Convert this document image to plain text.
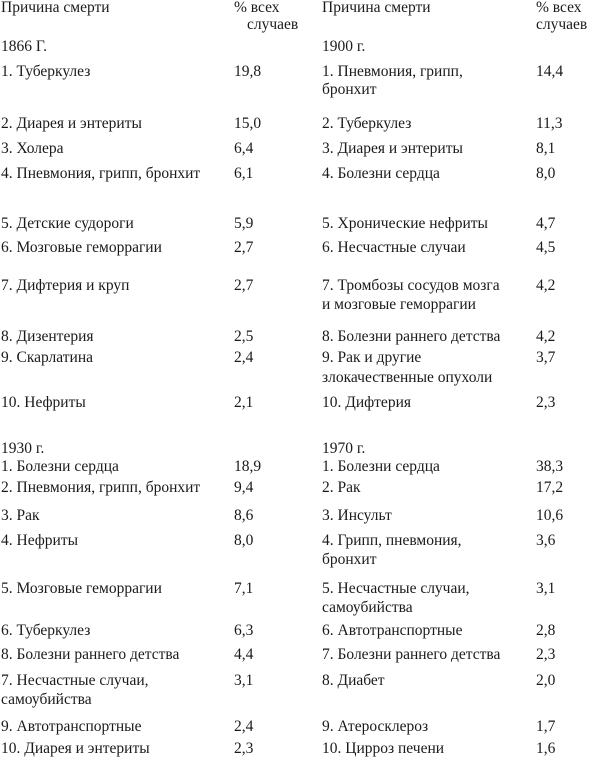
Причина смерти	% всех
случаев
Причина смерти	% всех
случаев
1866 Г.	1900 г.
1. Туберкулез	19,8
2. Диарея и энтериты	15,0
3. Холера	6,4
4. Пневмония, грипп, бронхит 6,1
5. Детские судороги	5,9
6. Мозговые геморрагии	2,7
7. Дифтерия и круп	2,7
8. Дизентерия	2,5
9. Скарлатина	2,4
10. Нефриты	2,1
1. Пневмония, грипп,
бронхит
14,4
2. Туберкулез	11,3
3. Диарея и энтериты	8,1
4. Болезни сердца	8,0
5. Хронические нефриты	4,7
6. Несчастные случаи	4,5
7. Тромбозы сосудов мозга
и мозговые геморрагии
4,2
8. Болезни раннего детства 4,2
9. Рак и другие
злокачественные опухоли
3,7
10. Дифтерия	2,3
1930 г.	1970 г.
1. Болезни сердца	18,9
2. Пневмония, грипп, бронхит 9,4
3. Рак	8,6
4. Нефриты	8,0
5. Мозговые геморрагии	7,1
6. Туберкулез	6,3
8. Болезни раннего детства	4,4
7. Несчастные случаи,
самоубийства
3,1
9. Автотранспортные	2,4
10. Диарея и энтериты	2,3
1. Болезни сердца	38,3
2. Рак	17,2
3. Инсульт	10,6
4. Грипп, пневмония,
бронхит
3,6
5. Несчастные случаи,
самоубийства
3,1
6. Автотранспортные	2,8
7. Болезни раннего детства 2,3
8. Диабет	2,0
9. Атеросклероз	1,7
10. Цирроз печени	1,6
